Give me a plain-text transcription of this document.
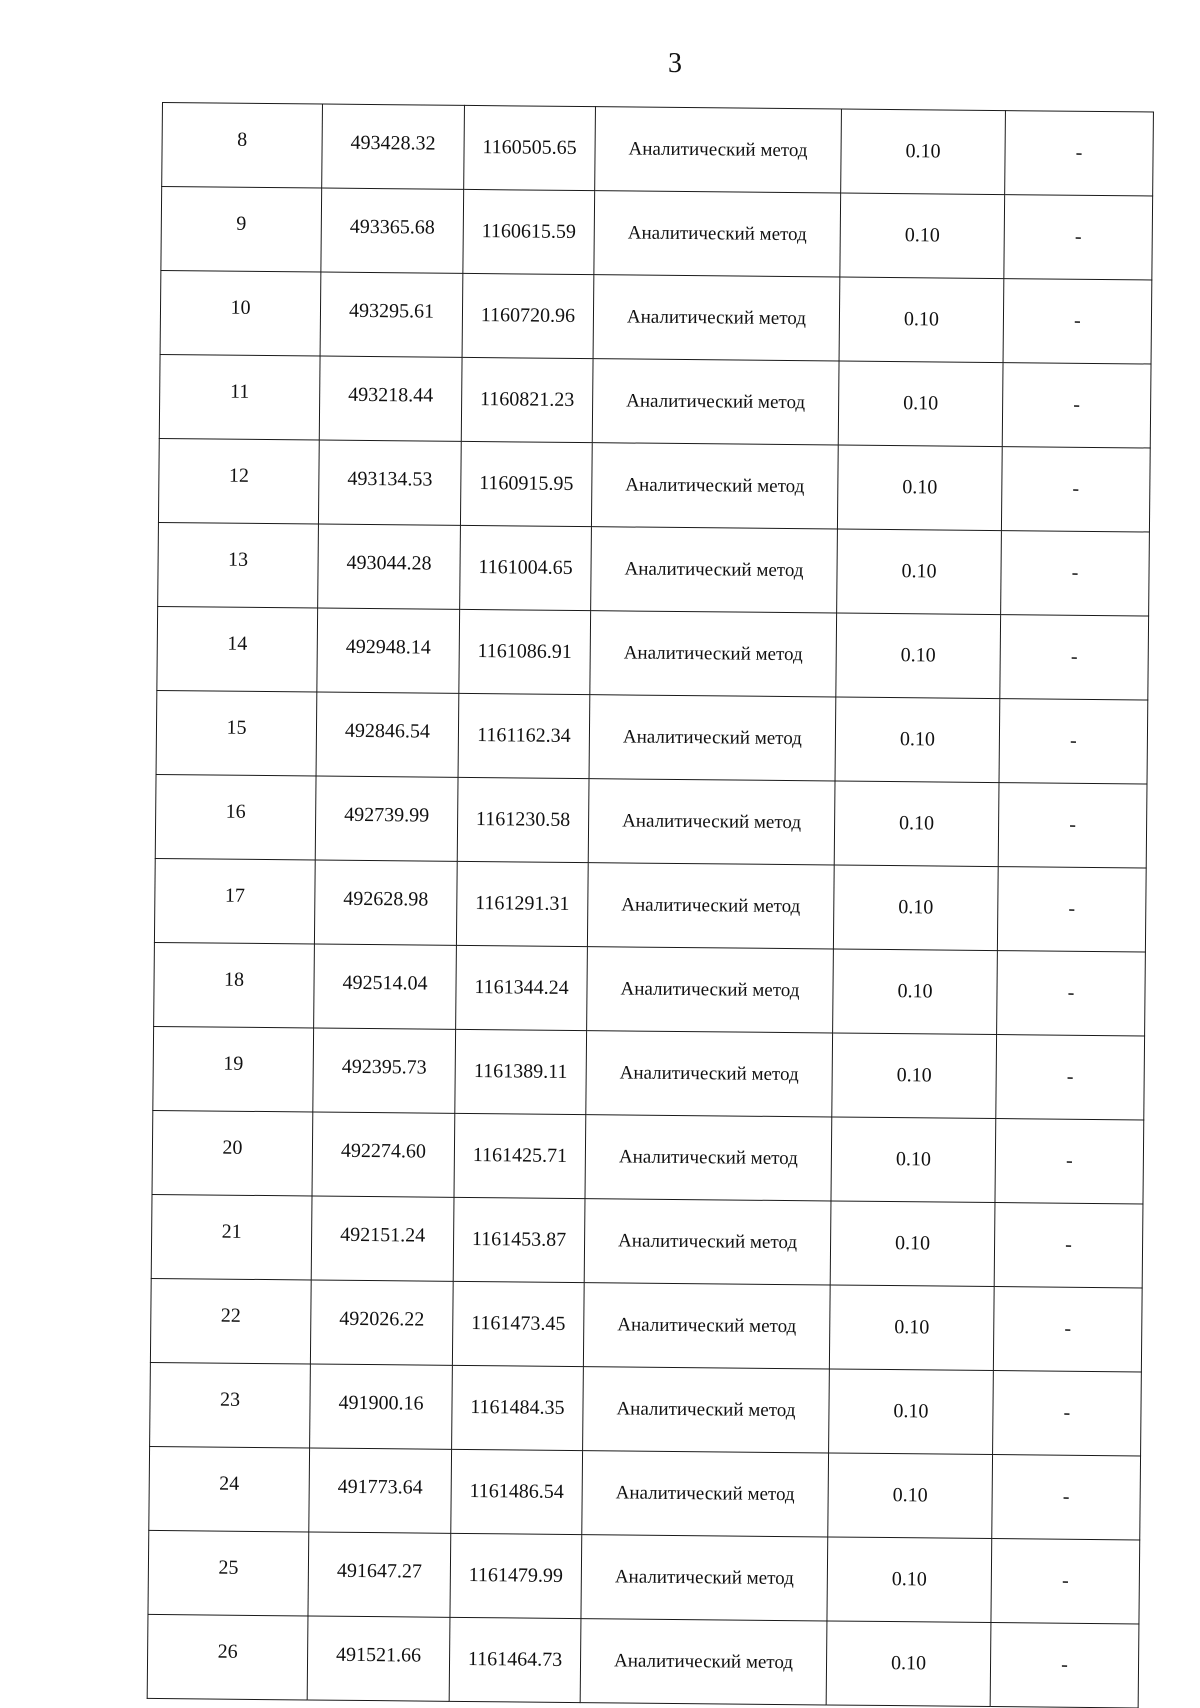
3
8	493428.32	1160505.65	Аналитический метод	0.10	-
9	493365.68	1160615.59	Аналитический метод	0.10	-
10	493295.61	1160720.96	Аналитический метод	0.10	-
11	493218.44	1160821.23	Аналитический метод	0.10	-
12	493134.53	1160915.95	Аналитический метод	0.10	-
13	493044.28	1161004.65	Аналитический метод	0.10	-
14	492948.14	1161086.91	Аналитический метод	0.10	-
15	492846.54	1161162.34	Аналитический метод	0.10	-
16	492739.99	1161230.58	Аналитический метод	0.10	-
17	492628.98	1161291.31	Аналитический метод	0.10	-
18	492514.04	1161344.24	Аналитический метод	0.10	-
19	492395.73	1161389.11	Аналитический метод	0.10	-
20	492274.60	1161425.71	Аналитический метод	0.10	-
21	492151.24	1161453.87	Аналитический метод	0.10	-
22	492026.22	1161473.45	Аналитический метод	0.10	-
23	491900.16	1161484.35	Аналитический метод	0.10	-
24	491773.64	1161486.54	Аналитический метод	0.10	-
25	491647.27	1161479.99	Аналитический метод	0.10	-
26	491521.66	1161464.73	Аналитический метод	0.10	-
